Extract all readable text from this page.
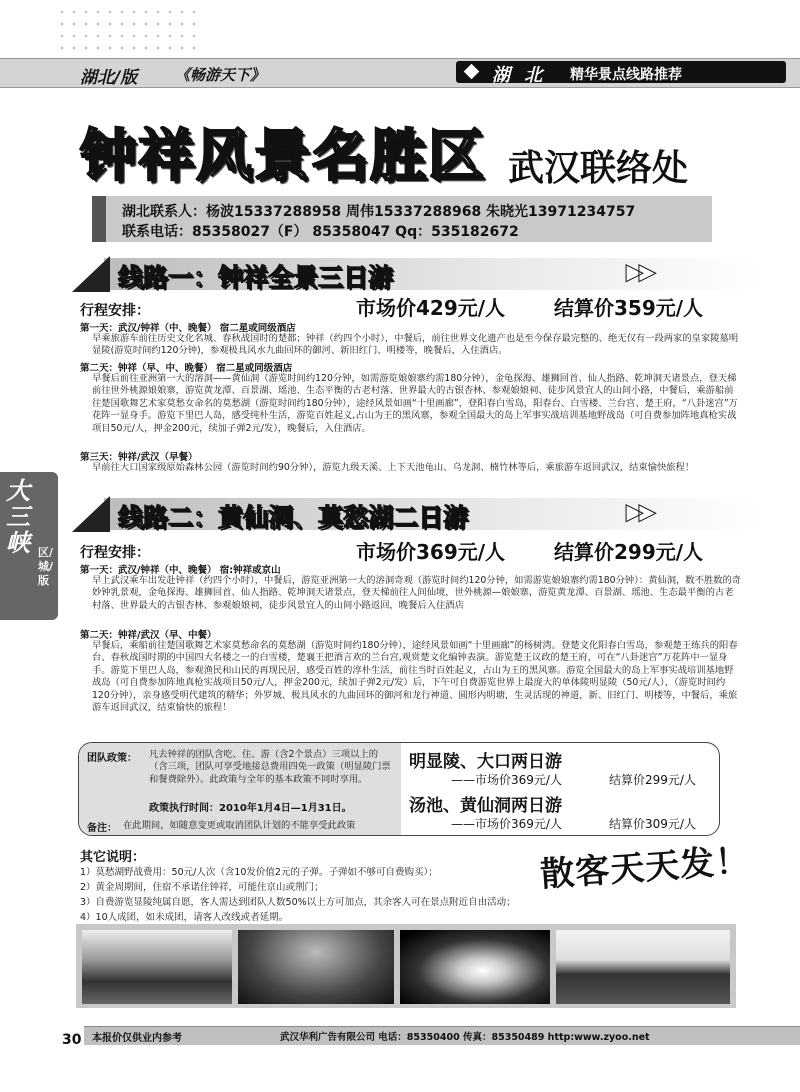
湖北/版	《畅游天下》	湖 北 精华景点线路推荐
钟祥风景名胜区 武汉联络处
湖北联系人：杨波15337288958 周伟15337288968 朱晓光13971234757
联系电话：85358027（F） 85358047 Qq：535182672
线路一：钟祥全景三日游	▶▶
行程安排：	市场价429元/人 结算价359元/人
第一天：武汉/钟祥（中、晚餐） 宿二星或同级酒店
早乘旅游车前往历史文化名城、春秋战国时的楚都；钟祥（约四个小时），中餐后，前往世界文化遗产也是至今保存最完整的、绝无仅有一段两家的皇家陵墓明显陵(游览时间约120分钟)，参观极具风水九曲回环的御河、新旧红门、明楼等，晚餐后，入住酒店。
第二天：钟祥（早、中、晚餐） 宿二星或同级酒店
早餐后前往亚洲第一大的溶洞——黄仙洞（游览时间约120分钟，如需游览娘娘寨约需180分钟），金龟探海、雄狮回首、仙人指路、乾坤洞天诸景点，登天梯前往世外桃源娘娘寨，游览黄龙潭、百景湖、瑶池、生态平衡的古老村落、世界最大的古银杏林、参观娘娘祠、徒步风景宜人的山间小路，中餐后，乘游船前往楚国歌舞艺术家莫愁女命名的莫愁湖（游览时间约180分钟），途经风景如画“十里画廊”，登阳春白雪岛，阳春台、白雪楼、兰台宫、楚王府，“八卦迷宫”万花阵一显身手。游览下里巴人岛，感受纯朴生活，游览百姓起义,占山为王的黑风寨，参观全国最大的岛上军事实战培训基地野战岛（可自费参加阵地真枪实战项目50元/人，押金200元，续加子弹2元/发），晚餐后，入住酒店。
第三天：钟祥/武汉（早餐）
早前往大口国家级原始森林公园（游览时间约90分钟），游览九级天溪、上下天池龟山、乌龙洞、楠竹林等后，乘旅游车返回武汉，结束愉快旅程！
线路二：黄仙洞、莫愁湖二日游	▶▶
行程安排：	市场价369元/人 结算价299元/人
第一天：武汉/钟祥（中、晚餐） 宿:钟祥或京山
早上武汉乘车出发赴钟祥（约四个小时），中餐后，游览亚洲第一大的溶洞奇观（游览时间约120分钟，如需游览娘娘寨约需180分钟）：黄仙洞，数不胜数的奇妙钟乳景观，金龟探海、雄狮回首、仙人指路、乾坤洞天诸景点，登天梯前往人间仙境，世外桃源—娘娘寨，游览黄龙潭、百景湖、瑶池、生态最平衡的古老村落、世界最大的古银杏林、参观娘娘祠，徒步风景宜人的山间小路返回，晚餐后入住酒店
第二天：钟祥/武汉（早、中餐）
早餐后，乘船前往楚国歌舞艺术家莫愁命名的莫愁湖（游览时间约180分钟），途经风景如画“十里画廊”的杨树湾。登楚文化阳春白雪岛，参观楚王练兵的阳春台、春秋战国时期的中国四大名楼之一的白雪楼，楚襄王把酒言欢的兰台宫,观赏楚文化编钟表演。游览楚王议政的楚王府，可在“八卦迷宫”万花阵中一显身手。游览下里巴人岛，参观渔民和山民的再现民居，感受百姓的淳朴生活，前往当时百姓起义，占山为王的黑风寨。游览全国最大的岛上军事实战培训基地野战岛（可自费参加阵地真枪实战项目50元/人，押金200元，续加子弹2元/发）后，下午可自费游览世界上最庞大的单体陵明显陵（50元/人），（游览时间约120分钟），亲身感受明代建筑的精华；外罗城、极具风水的九曲回环的御河和龙行神道、圆形内明塘，生灵活现的神道，新、旧红门、明楼等，中餐后，乘旅游车返回武汉，结束愉快的旅程！
大三峡 区/城/版
团队政策： 凡去钟祥的团队含吃、住、游（含2个景点）三项以上的（含三项，团队可享受地接总费用四免一政策（明显陵门票和餐费除外）。此政策与全年的基本政策不同时享用。
政策执行时间：2010年1月4日—1月31日。
备注： 在此期间，如随意变更或取消团队计划的不能享受此政策
明显陵、大口两日游
——市场价369元/人	结算价299元/人
汤池、黄仙洞两日游
——市场价369元/人	结算价309元/人
其它说明：
1）莫愁湖野战费用：50元/人次（含10发价值2元的子弹。子弹如不够可自费购买）；
2）黄金周期间，住宿不承诺住钟祥，可能住京山或荆门；
3）自费游览显陵纯属自愿，客人需达到团队人数50%以上方可加点，其余客人可在景点附近自由活动；
4）10人成团，如未成团，请客人改线或者延期。
散客天天发！
30 本报价仅供业内参考	武汉华利广告有限公司 电话：85350400 传真：85350489 http:www.zyoo.net
